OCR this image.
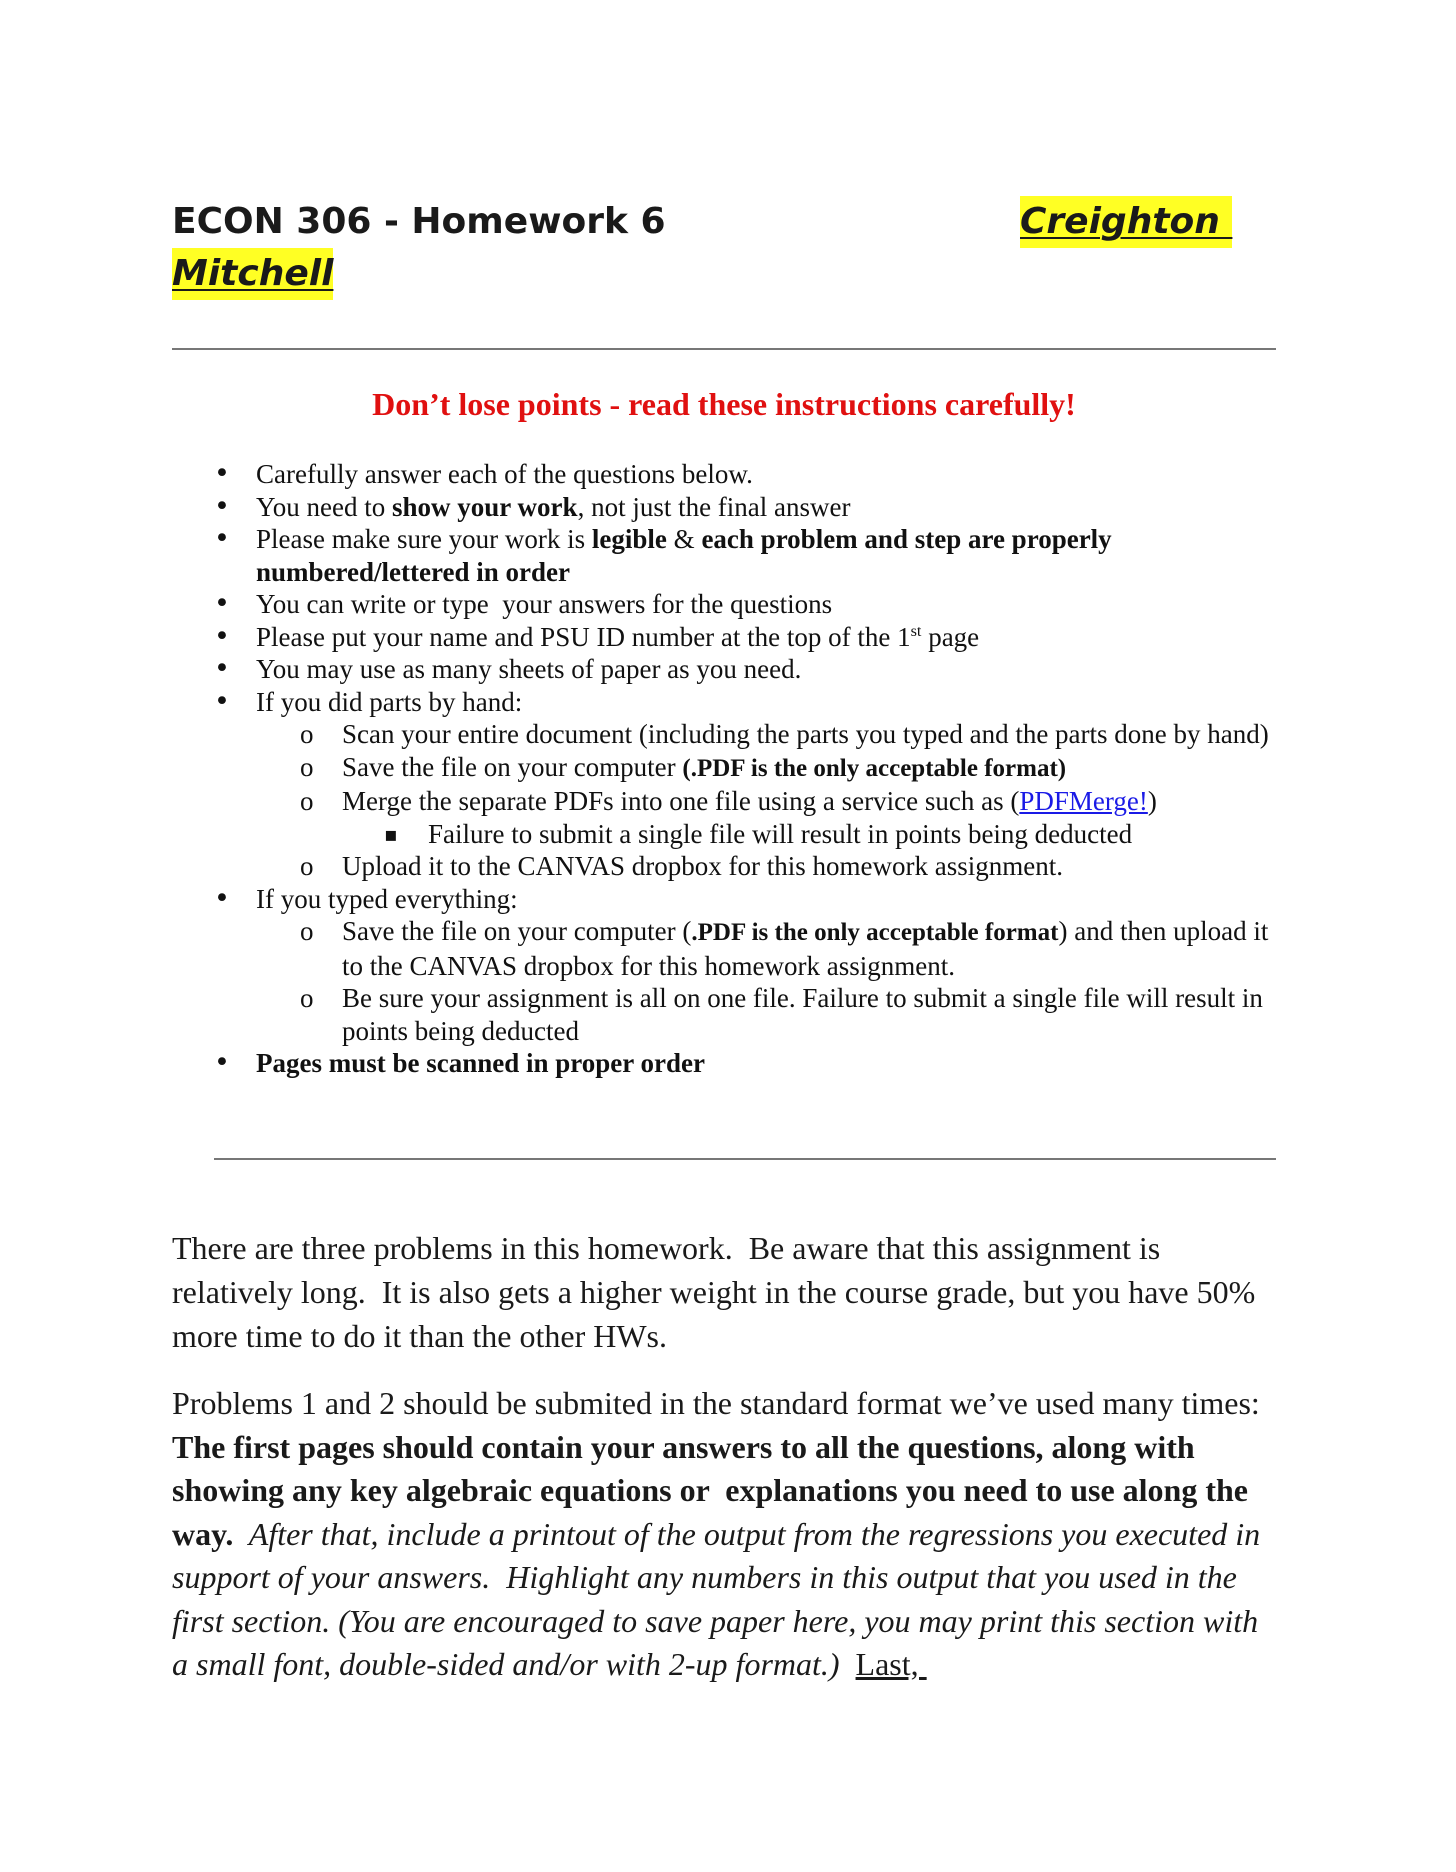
ECON 306 - Homework 6	Creighton
Mitchell
Don’t lose points - read these instructions carefully!
• Carefully answer each of the questions below.
• You need to show your work, not just the final answer
• Please make sure your work is legible & each problem and step are properly numbered/lettered in order
• You can write or type  your answers for the questions
• Please put your name and PSU ID number at the top of the 1st page
• You may use as many sheets of paper as you need.
• If you did parts by hand:
o Scan your entire document (including the parts you typed and the parts done by hand)
o Save the file on your computer (.PDF is the only acceptable format)
o Merge the separate PDFs into one file using a service such as (PDFMerge!)
▪ Failure to submit a single file will result in points being deducted
o Upload it to the CANVAS dropbox for this homework assignment.
• If you typed everything:
o Save the file on your computer (.PDF is the only acceptable format) and then upload it to the CANVAS dropbox for this homework assignment.
o Be sure your assignment is all on one file. Failure to submit a single file will result in points being deducted
• Pages must be scanned in proper order

There are three problems in this homework.  Be aware that this assignment is relatively long.  It is also gets a higher weight in the course grade, but you have 50%  more time to do it than the other HWs.

Problems 1 and 2 should be submited in the standard format we’ve used many times: The first pages should contain your answers to all the questions, along with showing any key algebraic equations or  explanations you need to use along the way.  After that, include a printout of the output from the regressions you executed in support of your answers.  Highlight any numbers in this output that you used in the first section. (You are encouraged to save paper here, you may print this section with a small font, double-sided and/or with 2-up format.) Last,
